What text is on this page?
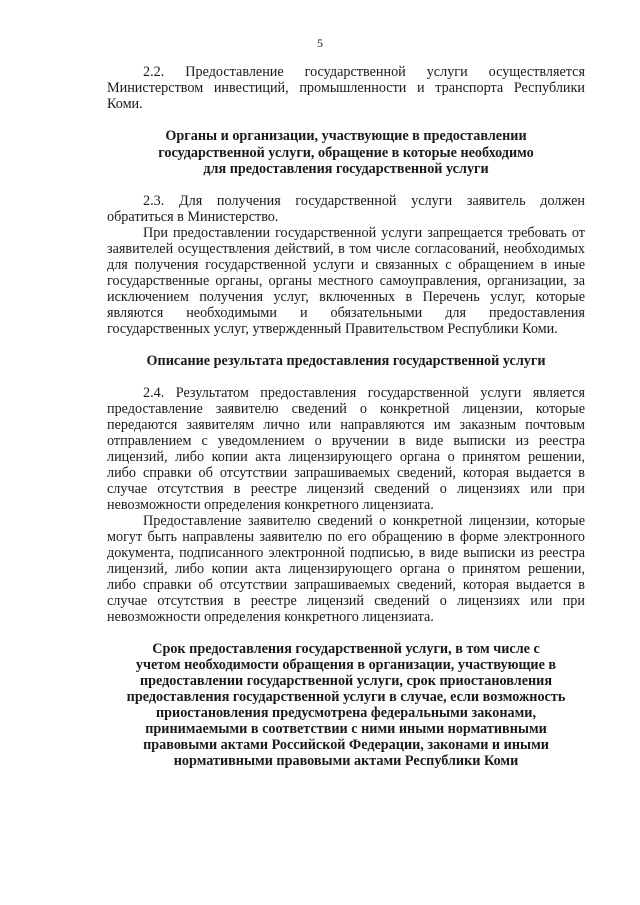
5
2.2. Предоставление государственной услуги осуществляется
Министерством инвестиций, промышленности и транспорта Республики
Коми.
Органы и организации, участвующие в предоставлении
государственной услуги, обращение в которые необходимо
для предоставления государственной услуги
2.3. Для получения государственной услуги заявитель должен
обратиться в Министерство.
При предоставлении государственной услуги запрещается требовать от
заявителей осуществления действий, в том числе согласований, необходимых
для получения государственной услуги и связанных с обращением в иные
государственные органы, органы местного самоуправления, организации, за
исключением получения услуг, включенных в Перечень услуг, которые
являются необходимыми и обязательными для предоставления
государственных услуг, утвержденный Правительством Республики Коми.
Описание результата предоставления государственной услуги
2.4. Результатом предоставления государственной услуги является
предоставление заявителю сведений о конкретной лицензии, которые
передаются заявителям лично или направляются им заказным почтовым
отправлением с уведомлением о вручении в виде выписки из реестра
лицензий, либо копии акта лицензирующего органа о принятом решении,
либо справки об отсутствии запрашиваемых сведений, которая выдается в
случае отсутствия в реестре лицензий сведений о лицензиях или при
невозможности определения конкретного лицензиата.
Предоставление заявителю сведений о конкретной лицензии, которые
могут быть направлены заявителю по его обращению в форме электронного
документа, подписанного электронной подписью, в виде выписки из реестра
лицензий, либо копии акта лицензирующего органа о принятом решении,
либо справки об отсутствии запрашиваемых сведений, которая выдается в
случае отсутствия в реестре лицензий сведений о лицензиях или при
невозможности определения конкретного лицензиата.
Срок предоставления государственной услуги, в том числе с
учетом необходимости обращения в организации, участвующие в
предоставлении государственной услуги, срок приостановления
предоставления государственной услуги в случае, если возможность
приостановления предусмотрена федеральными законами,
принимаемыми в соответствии с ними иными нормативными
правовыми актами Российской Федерации, законами и иными
нормативными правовыми актами Республики Коми
